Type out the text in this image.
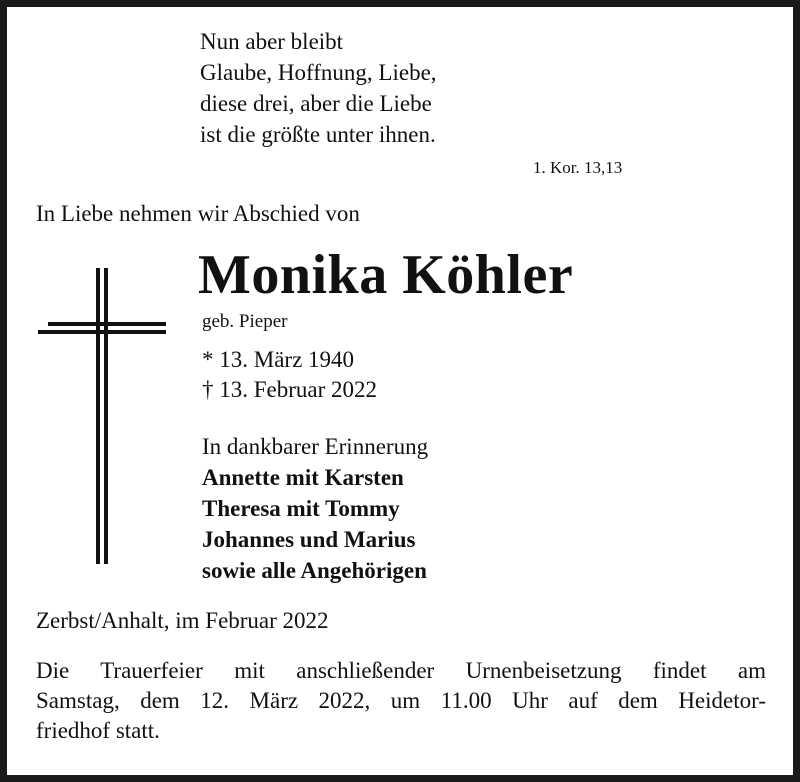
Nun aber bleibt
Glaube, Hoffnung, Liebe,
diese drei, aber die Liebe
ist die größte unter ihnen.
1. Kor. 13,13
In Liebe nehmen wir Abschied von
Monika Köhler
geb. Pieper
* 13. März 1940
† 13. Februar 2022
In dankbarer Erinnerung
Annette mit Karsten
Theresa mit Tommy
Johannes und Marius
sowie alle Angehörigen
Zerbst/Anhalt, im Februar 2022
Die Trauerfeier mit anschließender Urnenbeisetzung findet am
Samstag, dem 12. März 2022, um 11.00 Uhr auf dem Heidetor-
friedhof statt.
